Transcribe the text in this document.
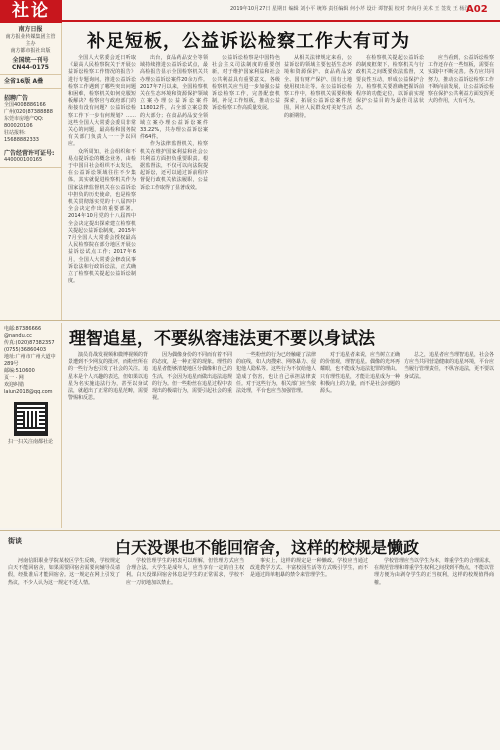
社论	2019年10月27日 星期日 编辑 刘小平 统筹 责任编辑 何小芹 设计 谭智振 校对 李向丹 美术 王 签发 王 杨洋
A02
南方日报
南方报业传媒集团主管主办
南方都市报社出版
全国统一刊号
CN44-0175
全省16版 A叠
招聘广告
全国4008886166
广州(020)87388888
东莞市房地产QQ:
800020106
驻站报料:
15688882333
广告经营许可证号:
440000100165
补足短板，公益诉讼检察工作大有可为

全国人大常委会近日听取《最高人民检察院关于开展公益诉讼检察工作情况的报告》进行专题询问。推进公益诉讼检察工作遇到了哪些突出问题和困难，检察机关如何克服短板解决？检察官与政府部门的衔接有没有问题？公益诉讼检察工作下一步有何规划？……这些全国人大常委会委员非常关心的问题，最高检和国务院有关部门负责人一一予以回应。

众所周知，社会组织和不易点提诉讼的概念业务，由检于中国目社会组织不太发达，在公益诉讼领域往往不少集体，其实就促进检察机关作为国家法律监督机关在公益诉讼中担负的历史使命，也是检察机关贯彻落实党的十八届四中全会决定作出的重要部署。2014年10月党的十八届四中全会决定提出探索建立检察机关提起公益诉讼制度，2015年7月全国人大常委会授权最高人民检察院在部分地区开展公益诉讼试点工作；2017年6月，全国人大常委会修改民事诉讼法和行政诉讼法，正式确立了检察机关提起公益诉讼制度。

出台，食品药品安全等领域持续推进公益诉讼试点，最高检报告显示全国检察机关共办理公益诉讼案件20余万件。2017年7月以来，全国检察机关在生态环境和资源保护领域立案办理公益诉讼案件118012件，占全部立案总数的大部分；在食品药品安全领域立案办理公益诉讼案件33.22%，共办理公益诉讼案件64件。

作为法律监督机关，检察机关在维护国家利益和社会公共利益方面担负重要职责。根据监督法，不仅可以向法院提起诉讼，还可以通过诉前程序督促行政机关依法履职，公益诉讼工作取得了显著成效。

公益诉讼检察是中国特色社会主义司法制度的重要创新，对于维护国家利益和社会公共利益具有重要意义。各级检察机关应当进一步加强公益诉讼检察工作，完善配套机制，补足工作短板，推动公益诉讼检察工作高质量发展。

从相关法律规定来看，公益诉讼的领域主要包括生态环境和资源保护、食品药品安全、国有财产保护、国有土地使用权出让等。在公益诉讼检察工作中，检察机关需要积极探索，拓展公益诉讼案件范围，回应人民群众对美好生活的新期待。

在检察机关提起公益诉讼的制度框架下，检察机关与行政机关之间既要依法监督，又要良性互动，形成公益保护合力。检察机关要准确把握诉前程序的功能定位，以诉前实现保护公益目的为最佳司法状态。

应当看到，公益诉讼检察工作还存在一些短板，需要在实践中不断完善。各方应共同努力，推动公益诉讼检察工作不断向前发展，让公益诉讼检察在保护公共利益方面发挥更大的作用，大有可为。

电邮:87386666
@nandu.cc
传真:(020)87382357
(0755)36860403
地址:广州市广州大道中289号
邮编:510600
页一 · 网
欢迎纠错
laiun2018@qq.com
扫一扫关注南都社论
理智追星，不要纵容违法更不要以身试法

演员肖战发视频和微博视频的背景遭到不少网友的批评，而粉丝所在的一些行为也引发了社会的关注。追星本是个人兴趣的表达，但如果以追星为名实施违法行为，甚至以身试法，就超出了正常的追星范畴，需要警惕和反思。

因为偶像身份的不同而有着不同的态度，是一种正常的现象。理性的追星者能够清楚地区分偶像和自己的生活，不会因为追星而做出违法违规的行为。但一些粉丝在追星过程中表现出的极端行为，需要引起社会的重视。

一些粉丝的行为已经触碰了法律的底线，如人肉搜索、网络暴力、侵犯他人隐私等。这些行为不仅给他人造成了伤害，也让自己承担法律责任。对于这些行为，相关部门应当依法处理，平台也应当加强管理。

对于追星者来说，应当树立正确的价值观，理智追星。偶像的光环再耀眼，也不能成为违法犯罪的理由。只有理性追星，才能让追星成为一种积极向上的力量，而不是社会问题的源头。

总之，追星者应当理智追星，社会各方应当共同营造健康的追星环境，平台应当履行管理责任，不纵容违法，更不要以身试法。

街谈	白天没课也不能回宿舍，这样的校规是懒政

河南信阳职业学院某校区学生反映，学校规定白天不能回宿舍，如果需要回宿舍需要向辅导员请假，经批准后才能回宿舍。这一规定在网上引发了热议，不少人认为这一规定不近人情。

学校管理学生的初衷可以理解，但管理方式应当合理合法。大学生是成年人，应当享有一定的自主权利。白天没课回宿舍休息是学生的正常需求，学校不应一刀切地加以禁止。

事实上，这样的规定是一种懒政。学校应当通过改进教学方式、丰富校园生活等方式吸引学生，而不是通过简单粗暴的禁令来管理学生。

学校管理应当以学生为本，尊重学生的合理需求，在规范管理和尊重学生权利之间找到平衡点，不能以管理方便为由剥夺学生的正当权利，这样的校规值得商榷。
